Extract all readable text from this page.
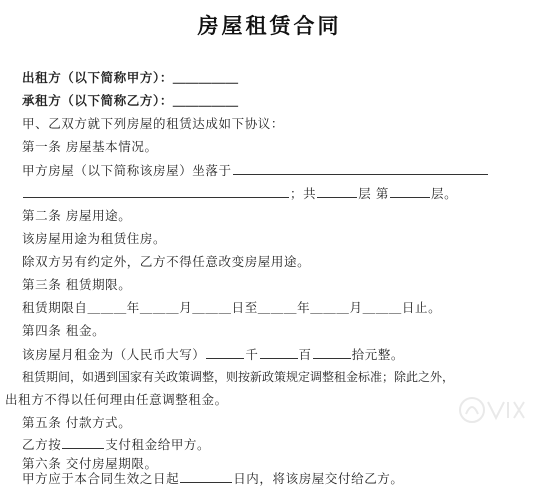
房屋租赁合同
出租方（以下简称甲方）：＿＿＿＿＿
承租方（以下简称乙方）：＿＿＿＿＿
甲、乙双方就下列房屋的租赁达成如下协议：
第一条 房屋基本情况。
甲方房屋（以下简称该房屋）坐落于
；共	层 第	层。
第二条 房屋用途。
该房屋用途为租赁住房。
除双方另有约定外，乙方不得任意改变房屋用途。
第三条 租赁期限。
租赁期限自＿＿＿年＿＿＿月＿＿＿日至＿＿＿年＿＿＿月＿＿＿日止。
第四条 租金。
该房屋月租金为（人民币大写）	千	百	拾元整。
租赁期间，如遇到国家有关政策调整，则按新政策规定调整租金标准；除此之外，
出租方不得以任何理由任意调整租金。
第五条 付款方式。
乙方按	支付租金给甲方。
第六条 交付房屋期限。
甲方应于本合同生效之日起	日内，将该房屋交付给乙方。
